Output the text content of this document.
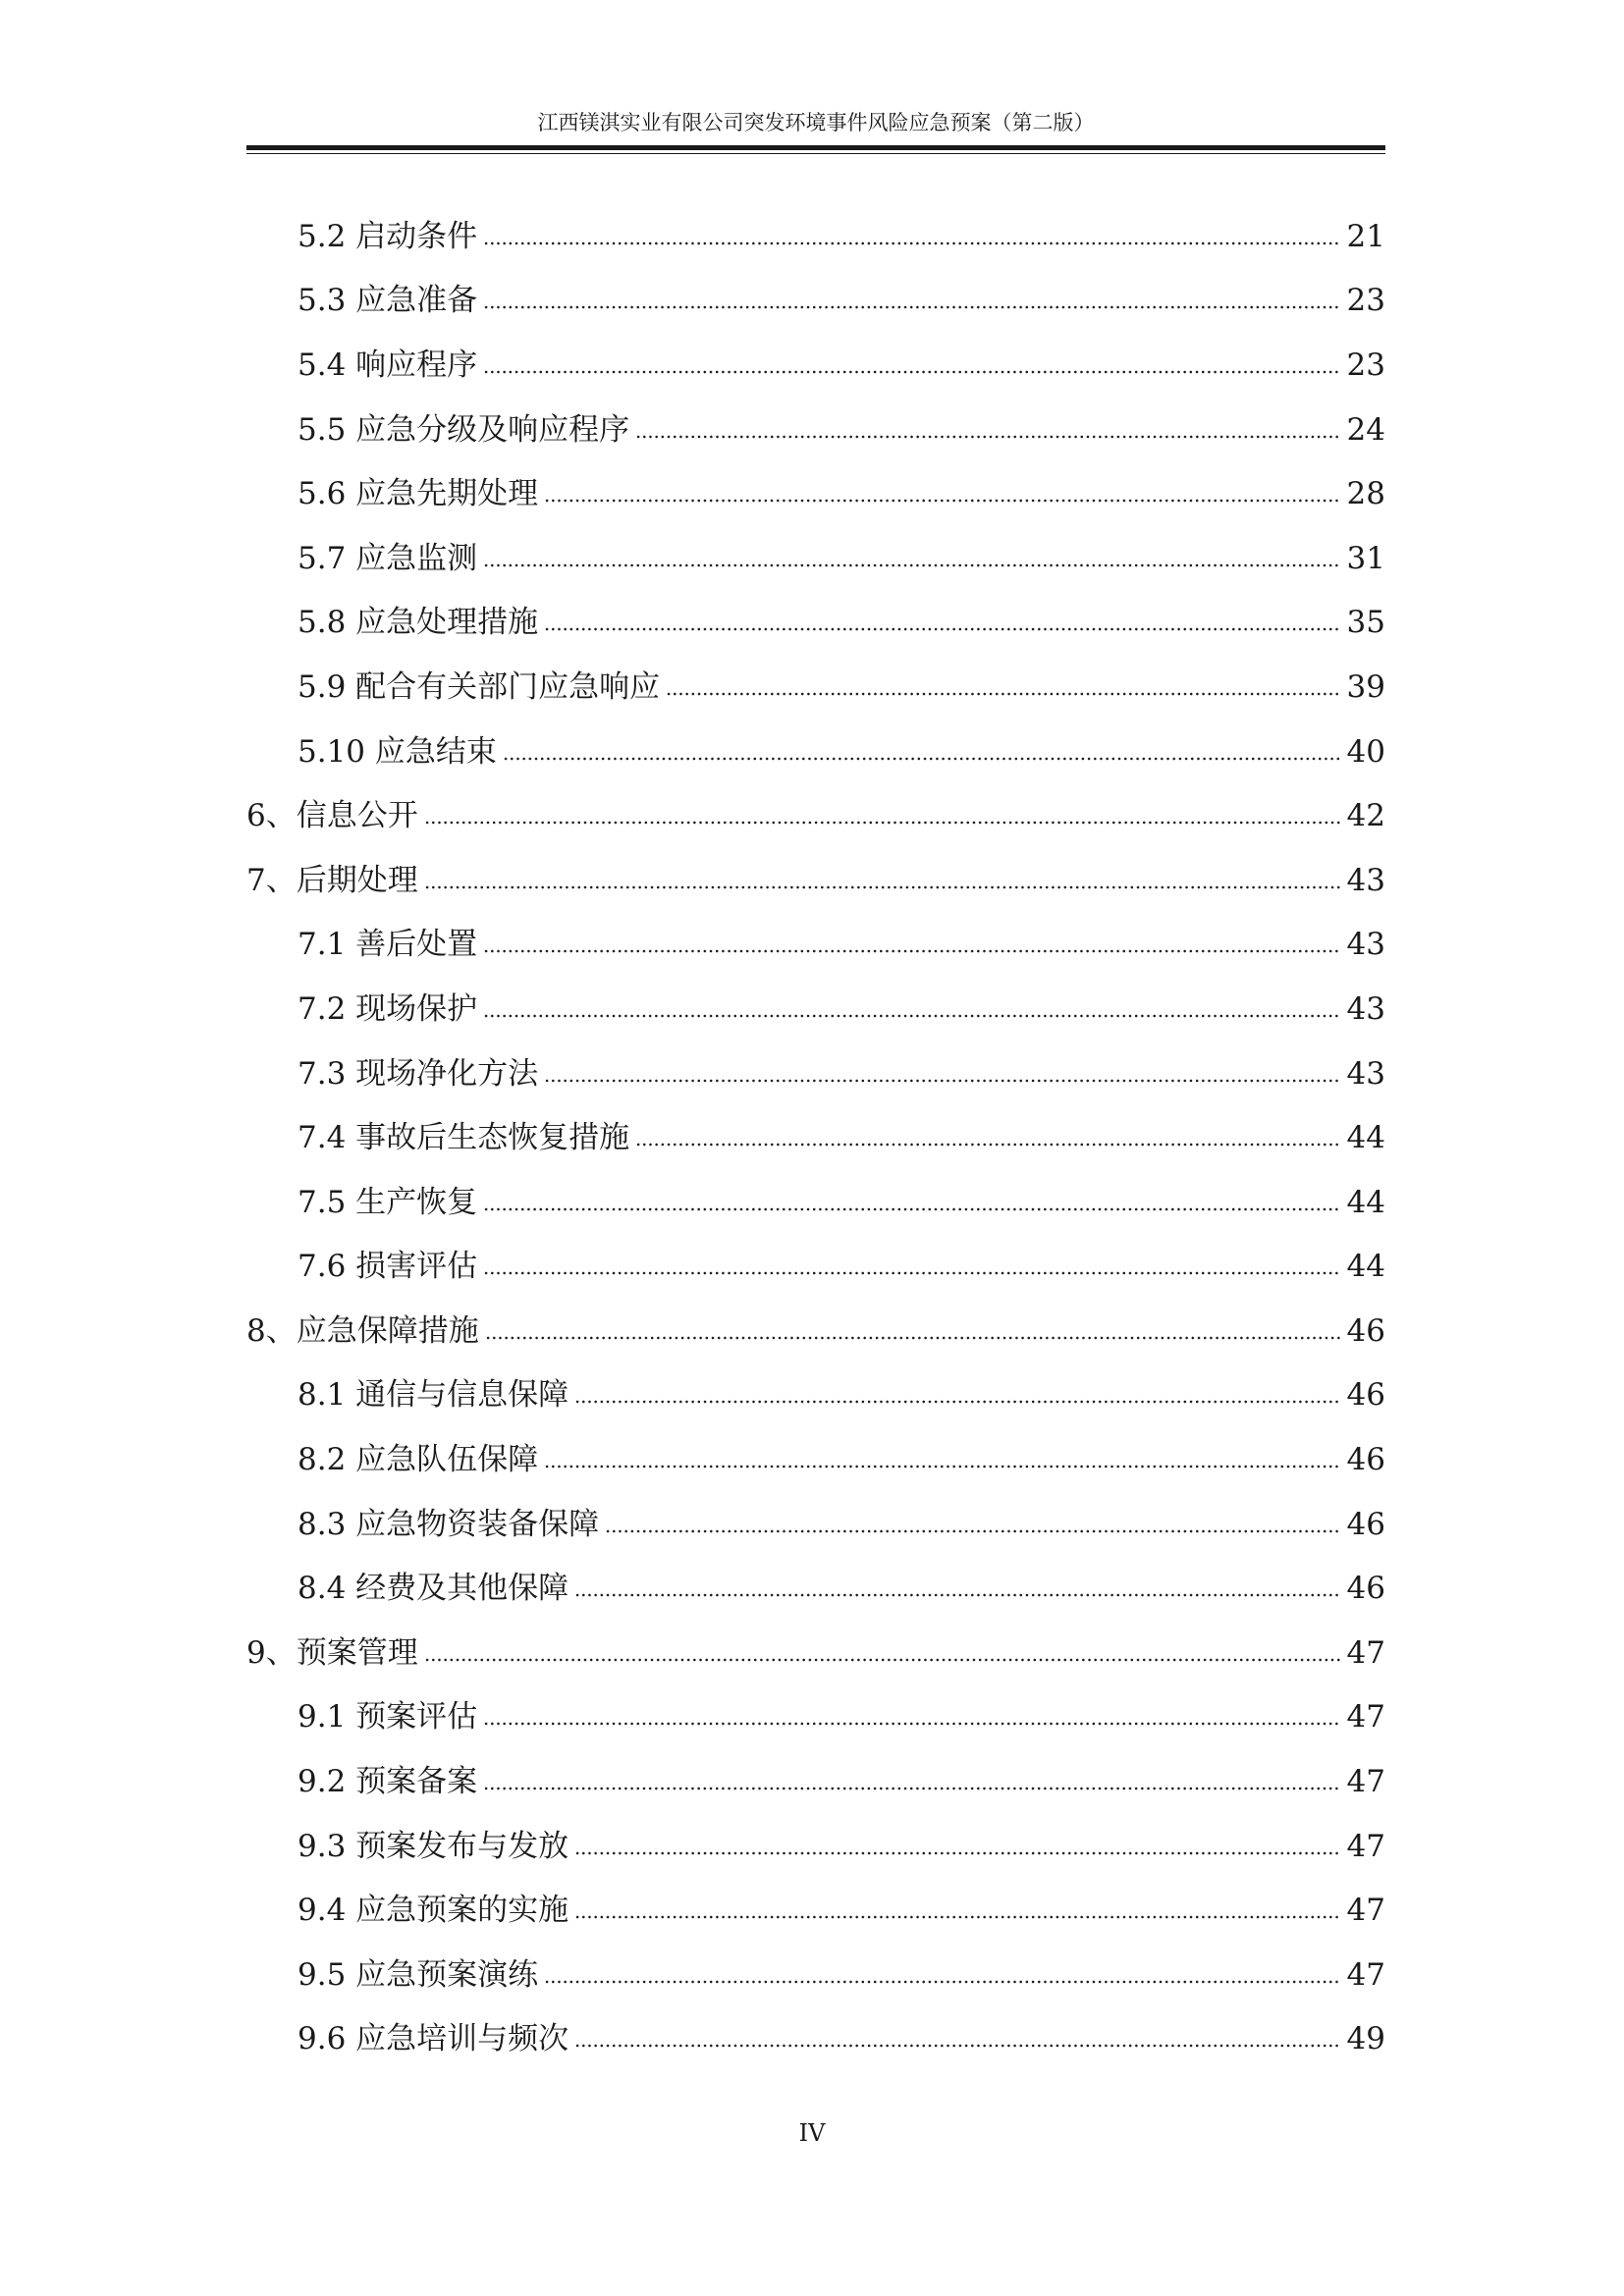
江西镁淇实业有限公司突发环境事件风险应急预案（第二版）
5.2 启动条件	21
5.3 应急准备	23
5.4 响应程序	23
5.5 应急分级及响应程序	24
5.6 应急先期处理	28
5.7 应急监测	31
5.8 应急处理措施	35
5.9 配合有关部门应急响应	39
5.10 应急结束	40
6、信息公开	42
7、后期处理	43
7.1 善后处置	43
7.2 现场保护	43
7.3 现场净化方法	43
7.4 事故后生态恢复措施	44
7.5 生产恢复	44
7.6 损害评估	44
8、应急保障措施	46
8.1 通信与信息保障	46
8.2 应急队伍保障	46
8.3 应急物资装备保障	46
8.4 经费及其他保障	46
9、预案管理	47
9.1 预案评估	47
9.2 预案备案	47
9.3 预案发布与发放	47
9.4 应急预案的实施	47
9.5 应急预案演练	47
9.6 应急培训与频次	49
IV
